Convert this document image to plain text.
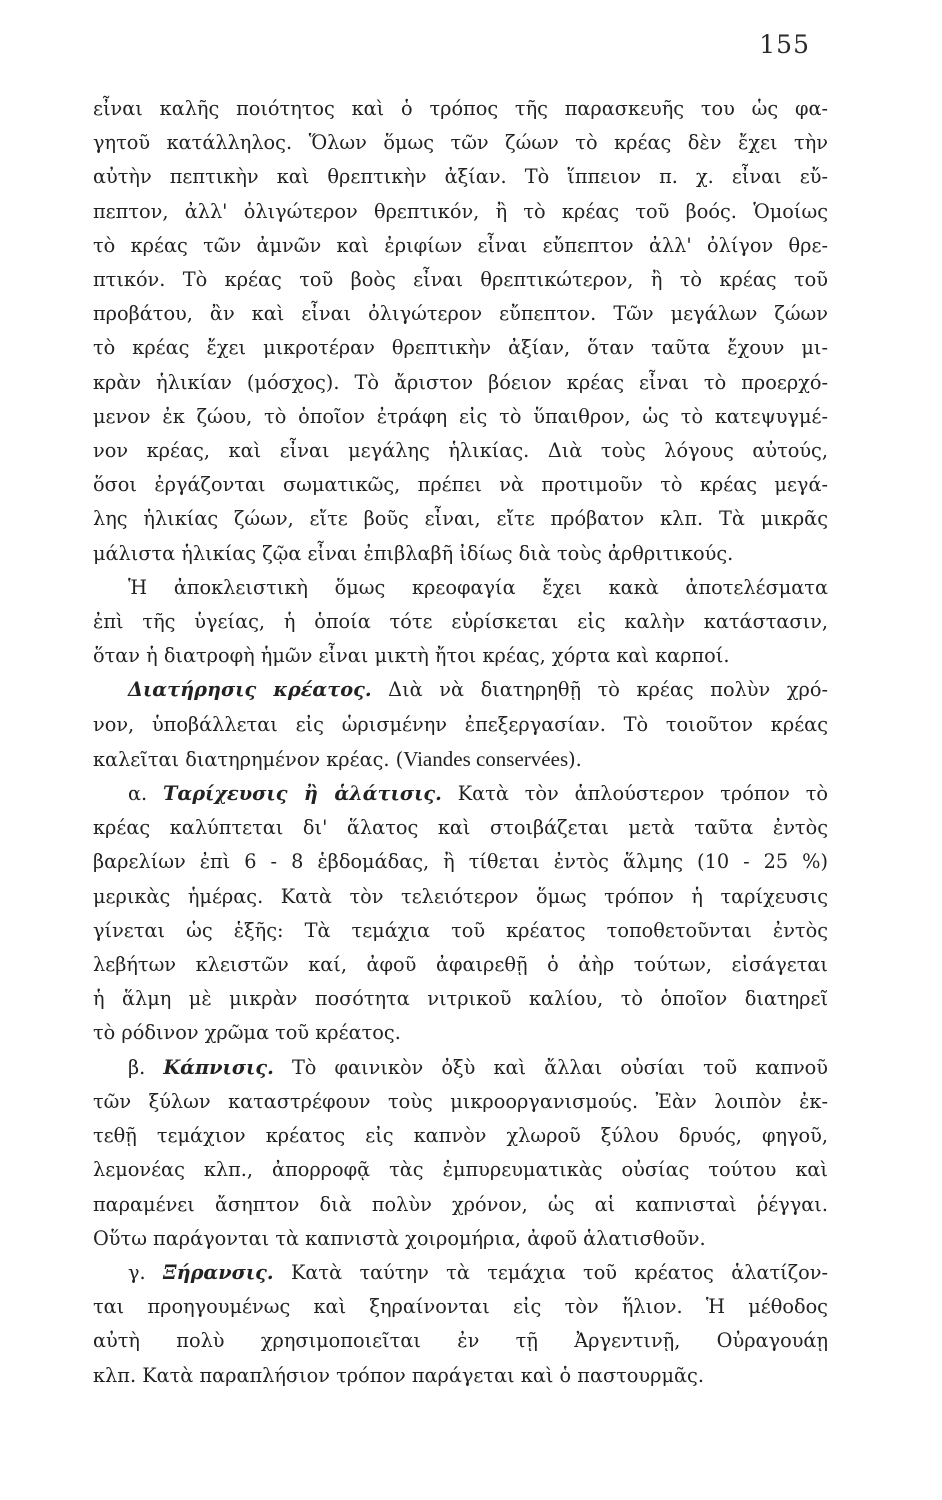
155
εἶναι καλῆς ποιότητος καὶ ὁ τρόπος τῆς παρασκευῆς του ὡς φα-
γητοῦ κατάλληλος. Ὅλων ὅμως τῶν ζώων τὸ κρέας δὲν ἔχει τὴν
αὐτὴν πεπτικὴν καὶ θρεπτικὴν ἀξίαν. Τὸ ἵππειον π. χ. εἶναι εὔ-
πεπτον, ἀλλ' ὀλιγώτερον θρεπτικόν, ἢ τὸ κρέας τοῦ βοός. Ὁμοίως
τὸ κρέας τῶν ἀμνῶν καὶ ἐριφίων εἶναι εὔπεπτον ἀλλ' ὀλίγον θρε-
πτικόν. Τὸ κρέας τοῦ βοὸς εἶναι θρεπτικώτερον, ἢ τὸ κρέας τοῦ
προβάτου, ἂν καὶ εἶναι ὀλιγώτερον εὔπεπτον. Τῶν μεγάλων ζώων
τὸ κρέας ἔχει μικροτέραν θρεπτικὴν ἀξίαν, ὅταν ταῦτα ἔχουν μι-
κρὰν ἡλικίαν (μόσχος). Τὸ ἄριστον βόειον κρέας εἶναι τὸ προερχό-
μενον ἐκ ζώου, τὸ ὁποῖον ἐτράφη εἰς τὸ ὕπαιθρον, ὡς τὸ κατεψυγμέ-
νον κρέας, καὶ εἶναι μεγάλης ἡλικίας. Διὰ τοὺς λόγους αὐτούς,
ὅσοι ἐργάζονται σωματικῶς, πρέπει νὰ προτιμοῦν τὸ κρέας μεγά-
λης ἡλικίας ζώων, εἴτε βοῦς εἶναι, εἴτε πρόβατον κλπ. Τὰ μικρᾶς
μάλιστα ἡλικίας ζῷα εἶναι ἐπιβλαβῆ ἰδίως διὰ τοὺς ἀρθριτικούς.
Ἡ ἀποκλειστικὴ ὅμως κρεοφαγία ἔχει κακὰ ἀποτελέσματα
ἐπὶ τῆς ὑγείας, ἡ ὁποία τότε εὑρίσκεται εἰς καλὴν κατάστασιν,
ὅταν ἡ διατροφὴ ἡμῶν εἶναι μικτὴ ἤτοι κρέας, χόρτα καὶ καρποί.
Διατήρησις κρέατος. Διὰ νὰ διατηρηθῇ τὸ κρέας πολὺν χρό-
νον, ὑποβάλλεται εἰς ὡρισμένην ἐπεξεργασίαν. Τὸ τοιοῦτον κρέας
καλεῖται διατηρημένον κρέας. (Viandes conservées).
α. Ταρίχευσις ἢ ἁλάτισις. Κατὰ τὸν ἁπλούστερον τρόπον τὸ
κρέας καλύπτεται δι' ἅλατος καὶ στοιβάζεται μετὰ ταῦτα ἐντὸς
βαρελίων ἐπὶ 6 - 8 ἑβδομάδας, ἢ τίθεται ἐντὸς ἅλμης (10 - 25 %)
μερικὰς ἡμέρας. Κατὰ τὸν τελειότερον ὅμως τρόπον ἡ ταρίχευσις
γίνεται ὡς ἑξῆς: Τὰ τεμάχια τοῦ κρέατος τοποθετοῦνται ἐντὸς
λεβήτων κλειστῶν καί, ἀφοῦ ἀφαιρεθῇ ὁ ἀὴρ τούτων, εἰσάγεται
ἡ ἅλμη μὲ μικρὰν ποσότητα νιτρικοῦ καλίου, τὸ ὁποῖον διατηρεῖ
τὸ ρόδινον χρῶμα τοῦ κρέατος.
β. Κάπνισις. Τὸ φαινικὸν ὀξὺ καὶ ἄλλαι οὐσίαι τοῦ καπνοῦ
τῶν ξύλων καταστρέφουν τοὺς μικροοργανισμούς. Ἐὰν λοιπὸν ἐκ-
τεθῇ τεμάχιον κρέατος εἰς καπνὸν χλωροῦ ξύλου δρυός, φηγοῦ,
λεμονέας κλπ., ἀπορροφᾷ τὰς ἐμπυρευματικὰς οὐσίας τούτου καὶ
παραμένει ἄσηπτον διὰ πολὺν χρόνον, ὡς αἱ καπνισταὶ ῥέγγαι.
Οὕτω παράγονται τὰ καπνιστὰ χοιρομήρια, ἀφοῦ ἁλατισθοῦν.
γ. Ξήρανσις. Κατὰ ταύτην τὰ τεμάχια τοῦ κρέατος ἁλατίζον-
ται προηγουμένως καὶ ξηραίνονται εἰς τὸν ἥλιον. Ἡ μέθοδος
αὐτὴ πολὺ χρησιμοποιεῖται ἐν τῇ Ἀργεντινῇ, Οὐραγουάῃ
κλπ. Κατὰ παραπλήσιον τρόπον παράγεται καὶ ὁ παστουρμᾶς.
